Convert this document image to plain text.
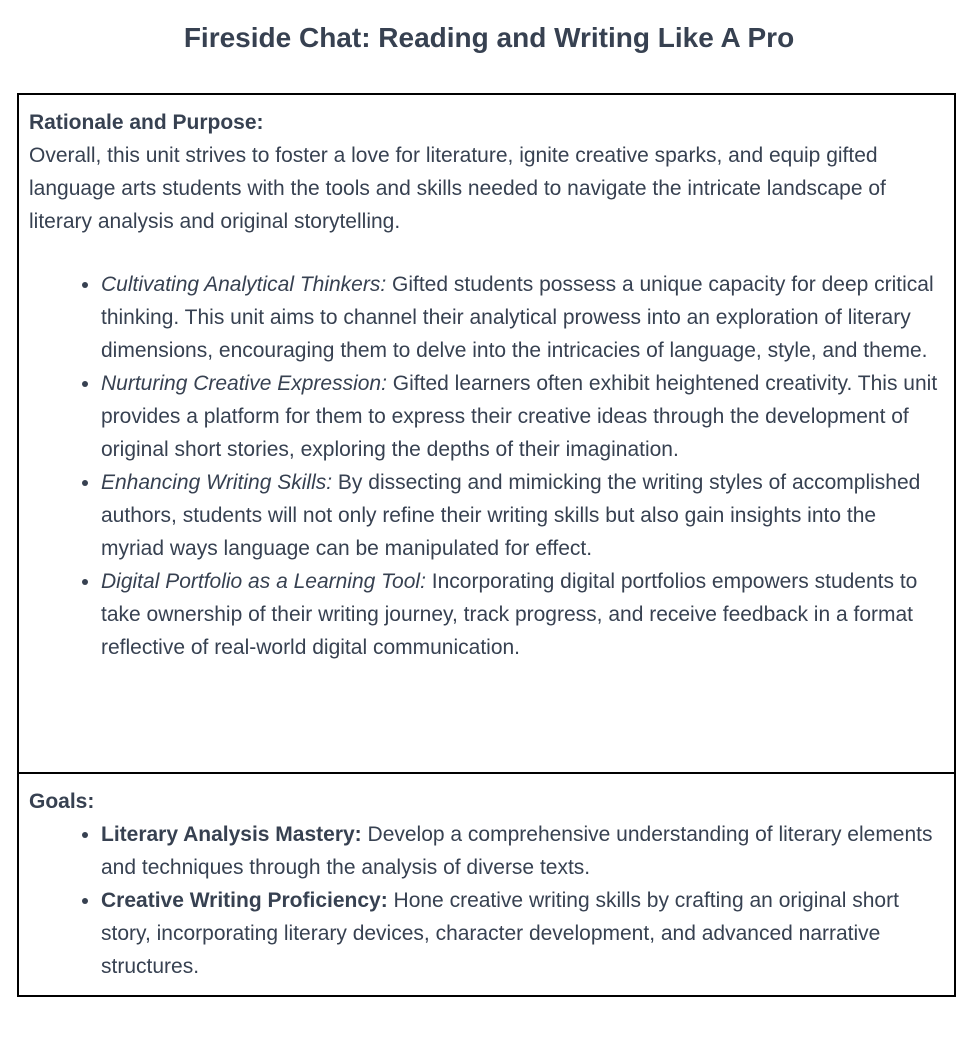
Fireside Chat: Reading and Writing Like A Pro

Rationale and Purpose:

Overall, this unit strives to foster a love for literature, ignite creative sparks, and equip gifted language arts students with the tools and skills needed to navigate the intricate landscape of literary analysis and original storytelling.

• Cultivating Analytical Thinkers: Gifted students possess a unique capacity for deep critical thinking. This unit aims to channel their analytical prowess into an exploration of literary dimensions, encouraging them to delve into the intricacies of language, style, and theme.
• Nurturing Creative Expression: Gifted learners often exhibit heightened creativity. This unit provides a platform for them to express their creative ideas through the development of original short stories, exploring the depths of their imagination.
• Enhancing Writing Skills: By dissecting and mimicking the writing styles of accomplished authors, students will not only refine their writing skills but also gain insights into the myriad ways language can be manipulated for effect.
• Digital Portfolio as a Learning Tool: Incorporating digital portfolios empowers students to take ownership of their writing journey, track progress, and receive feedback in a format reflective of real-world digital communication.

Goals:

• Literary Analysis Mastery: Develop a comprehensive understanding of literary elements and techniques through the analysis of diverse texts.
• Creative Writing Proficiency: Hone creative writing skills by crafting an original short story, incorporating literary devices, character development, and advanced narrative structures.
